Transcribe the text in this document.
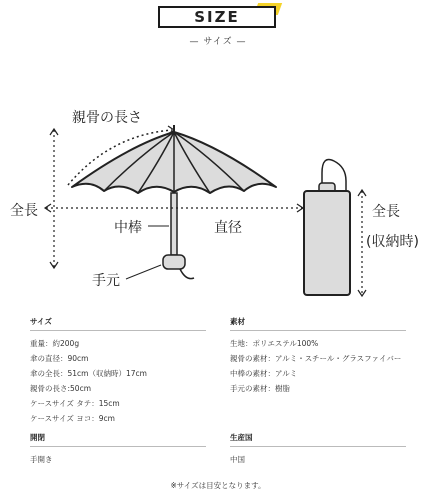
SIZE
— サイズ —
親骨の長さ
全長
中棒	直径
手元
全長
(収納時)
サイズ
重量：約200g
傘の直径：90cm
傘の全長：51cm（収納時）17cm
親骨の長さ:50cm
ケースサイズ タテ：15cm
ケースサイズ ヨコ：9cm
素材
生地：ポリエステル100%
親骨の素材：アルミ・スチール・グラスファイバー
中棒の素材：アルミ
手元の素材：樹脂
開閉
手開き
生産国
中国
※サイズは目安となります。
